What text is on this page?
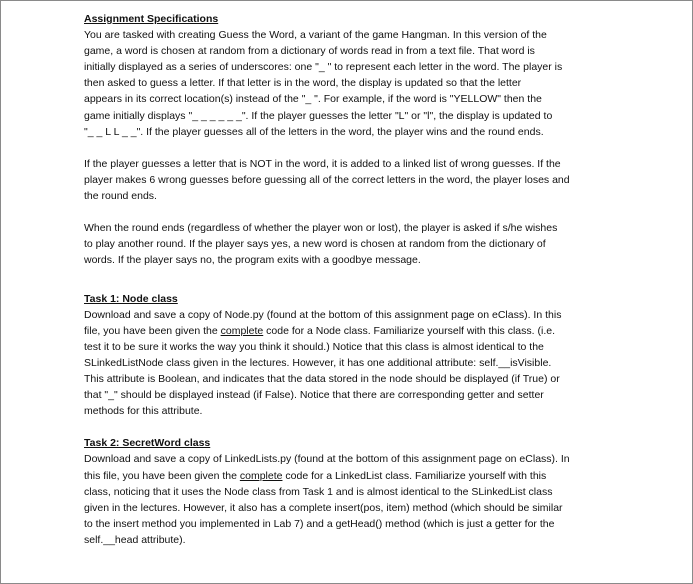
Assignment Specifications
You are tasked with creating Guess the Word, a variant of the game Hangman. In this version of the
game, a word is chosen at random from a dictionary of words read in from a text file. That word is
initially displayed as a series of underscores: one "_ " to represent each letter in the word. The player is
then asked to guess a letter. If that letter is in the word, the display is updated so that the letter
appears in its correct location(s) instead of the "_ ". For example, if the word is "YELLOW" then the
game initially displays "_ _ _ _ _ _". If the player guesses the letter "L" or "l", the display is updated to
"_ _ L L _ _". If the player guesses all of the letters in the word, the player wins and the round ends.
If the player guesses a letter that is NOT in the word, it is added to a linked list of wrong guesses. If the
player makes 6 wrong guesses before guessing all of the correct letters in the word, the player loses and
the round ends.
When the round ends (regardless of whether the player won or lost), the player is asked if s/he wishes
to play another round. If the player says yes, a new word is chosen at random from the dictionary of
words. If the player says no, the program exits with a goodbye message.
Task 1: Node class
Download and save a copy of Node.py (found at the bottom of this assignment page on eClass). In this
file, you have been given the complete code for a Node class. Familiarize yourself with this class. (i.e.
test it to be sure it works the way you think it should.) Notice that this class is almost identical to the
SLinkedListNode class given in the lectures. However, it has one additional attribute: self.__isVisible.
This attribute is Boolean, and indicates that the data stored in the node should be displayed (if True) or
that "_" should be displayed instead (if False). Notice that there are corresponding getter and setter
methods for this attribute.
Task 2: SecretWord class
Download and save a copy of LinkedLists.py (found at the bottom of this assignment page on eClass). In
this file, you have been given the complete code for a LinkedList class. Familiarize yourself with this
class, noticing that it uses the Node class from Task 1 and is almost identical to the SLinkedList class
given in the lectures. However, it also has a complete insert(pos, item) method (which should be similar
to the insert method you implemented in Lab 7) and a getHead() method (which is just a getter for the
self.__head attribute).
